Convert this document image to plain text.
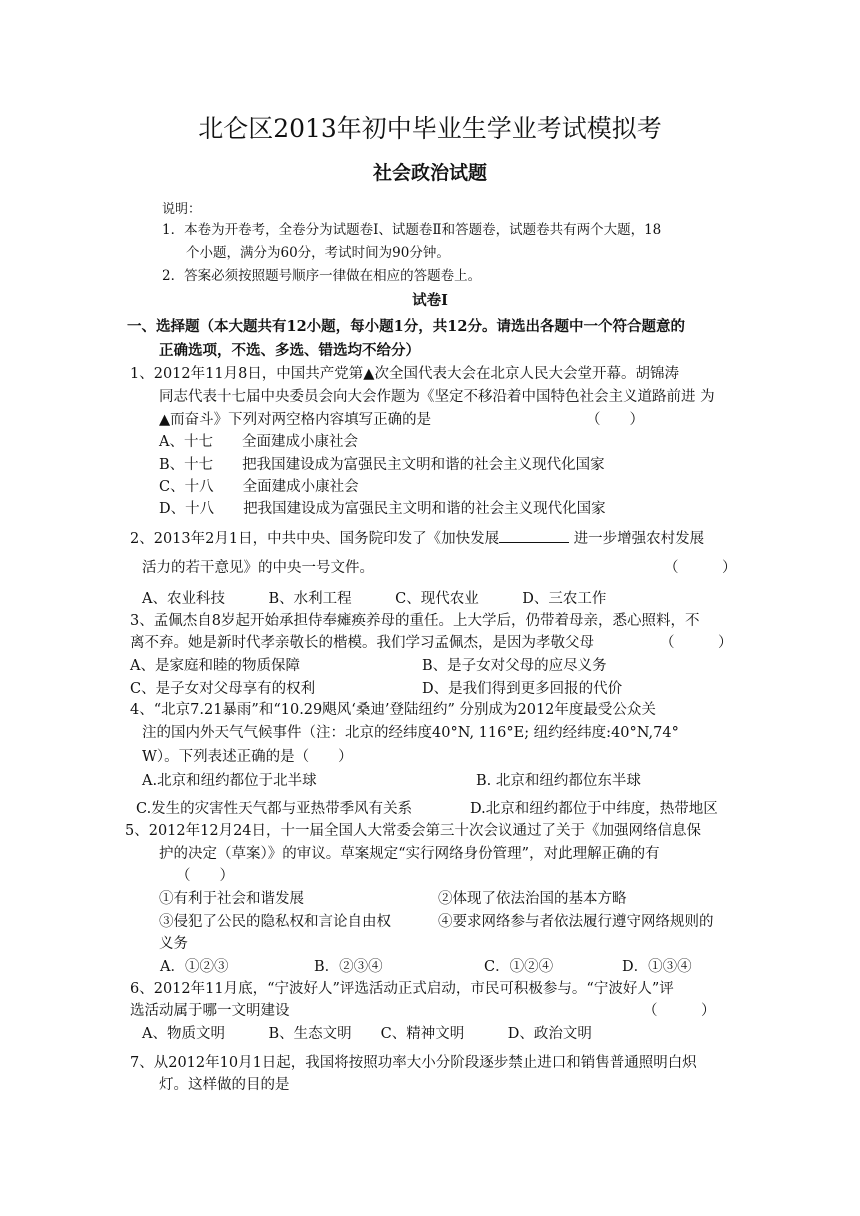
北仑区2013年初中毕业生学业考试模拟考
社会政治试题
说明：
1．本卷为开卷考，全卷分为试题卷Ⅰ、试题卷Ⅱ和答题卷，试题卷共有两个大题，18
个小题，满分为60分，考试时间为90分钟。
2．答案必须按照题号顺序一律做在相应的答题卷上。
试卷Ⅰ
一、选择题（本大题共有12小题，每小题1分，共12分。请选出各题中一个符合题意的
正确选项，不选、多选、错选均不给分）
1、2012年11月8日，中国共产党第▲次全国代表大会在北京人民大会堂开幕。胡锦涛
同志代表十七届中央委员会向大会作题为《坚定不移沿着中国特色社会主义道路前进 为
▲而奋斗》下列对两空格内容填写正确的是	（　　）
A、十七　　全面建成小康社会
B、十七　　把我国建设成为富强民主文明和谐的社会主义现代化国家
C、十八　　全面建成小康社会
D、十八　　把我国建设成为富强民主文明和谐的社会主义现代化国家
2、2013年2月1日，中共中央、国务院印发了《加快发展	进一步增强农村发展
活力的若干意见》的中央一号文件。	（　　　）
A、农业科技　　　B、水利工程　　　C、现代农业　　　D、三农工作
3、孟佩杰自8岁起开始承担侍奉瘫痪养母的重任。上大学后，仍带着母亲，悉心照料，不
离不弃。她是新时代孝亲敬长的楷模。我们学习孟佩杰，是因为孝敬父母	（　　　）
A、是家庭和睦的物质保障	B、是子女对父母的应尽义务
C、是子女对父母享有的权利	D、是我们得到更多回报的代价
4、“北京7.21暴雨”和“10.29飓风‘桑迪’登陆纽约” 分别成为2012年度最受公众关
注的国内外天气气候事件（注：北京的经纬度40°N, 116°E; 纽约经纬度:40°N,74°
W）。下列表述正确的是（　　）
A.北京和纽约都位于北半球	B. 北京和纽约都位东半球
C.发生的灾害性天气都与亚热带季风有关系	D.北京和纽约都位于中纬度，热带地区
5、2012年12月24日，十一届全国人大常委会第三十次会议通过了关于《加强网络信息保
护的决定（草案）》的审议。草案规定“实行网络身份管理”，对此理解正确的有
（　　）
①有利于社会和谐发展	②体现了依法治国的基本方略
③侵犯了公民的隐私权和言论自由权	④要求网络参与者依法履行遵守网络规则的
义务
A．①②③	B．②③④	C．①②④	D．①③④
6、2012年11月底，“宁波好人”评选活动正式启动，市民可积极参与。“宁波好人”评
选活动属于哪一文明建设	（　　　）
A、物质文明　　　B、生态文明　　C、精神文明　　　D、政治文明
7、从2012年10月1日起，我国将按照功率大小分阶段逐步禁止进口和销售普通照明白炽
灯。这样做的目的是
